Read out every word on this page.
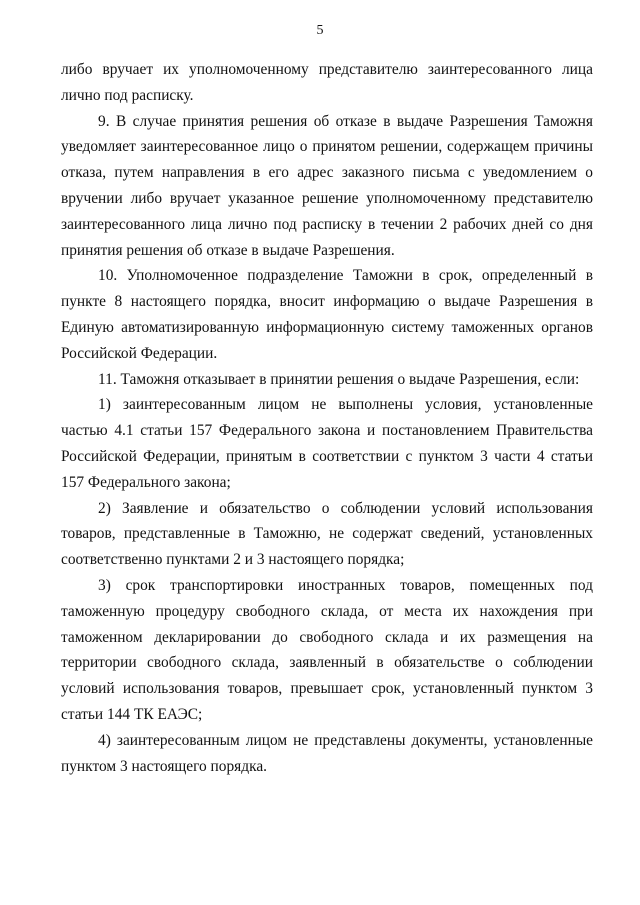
5

либо вручает их уполномоченному представителю заинтересованного лица лично под расписку.

9. В случае принятия решения об отказе в выдаче Разрешения Таможня уведомляет заинтересованное лицо о принятом решении, содержащем причины отказа, путем направления в его адрес заказного письма с уведомлением о вручении либо вручает указанное решение уполномоченному представителю заинтересованного лица лично под расписку в течении 2 рабочих дней со дня принятия решения об отказе в выдаче Разрешения.

10. Уполномоченное подразделение Таможни в срок, определенный в пункте 8 настоящего порядка, вносит информацию о выдаче Разрешения в Единую автоматизированную информационную систему таможенных органов Российской Федерации.

11. Таможня отказывает в принятии решения о выдаче Разрешения, если:

1) заинтересованным лицом не выполнены условия, установленные частью 4.1 статьи 157 Федерального закона и постановлением Правительства Российской Федерации, принятым в соответствии с пунктом 3 части 4 статьи 157 Федерального закона;

2) Заявление и обязательство о соблюдении условий использования товаров, представленные в Таможню, не содержат сведений, установленных соответственно пунктами 2 и 3 настоящего порядка;

3) срок транспортировки иностранных товаров, помещенных под таможенную процедуру свободного склада, от места их нахождения при таможенном декларировании до свободного склада и их размещения на территории свободного склада, заявленный в обязательстве о соблюдении условий использования товаров, превышает срок, установленный пунктом 3 статьи 144 ТК ЕАЭС;

4) заинтересованным лицом не представлены документы, установленные пунктом 3 настоящего порядка.
